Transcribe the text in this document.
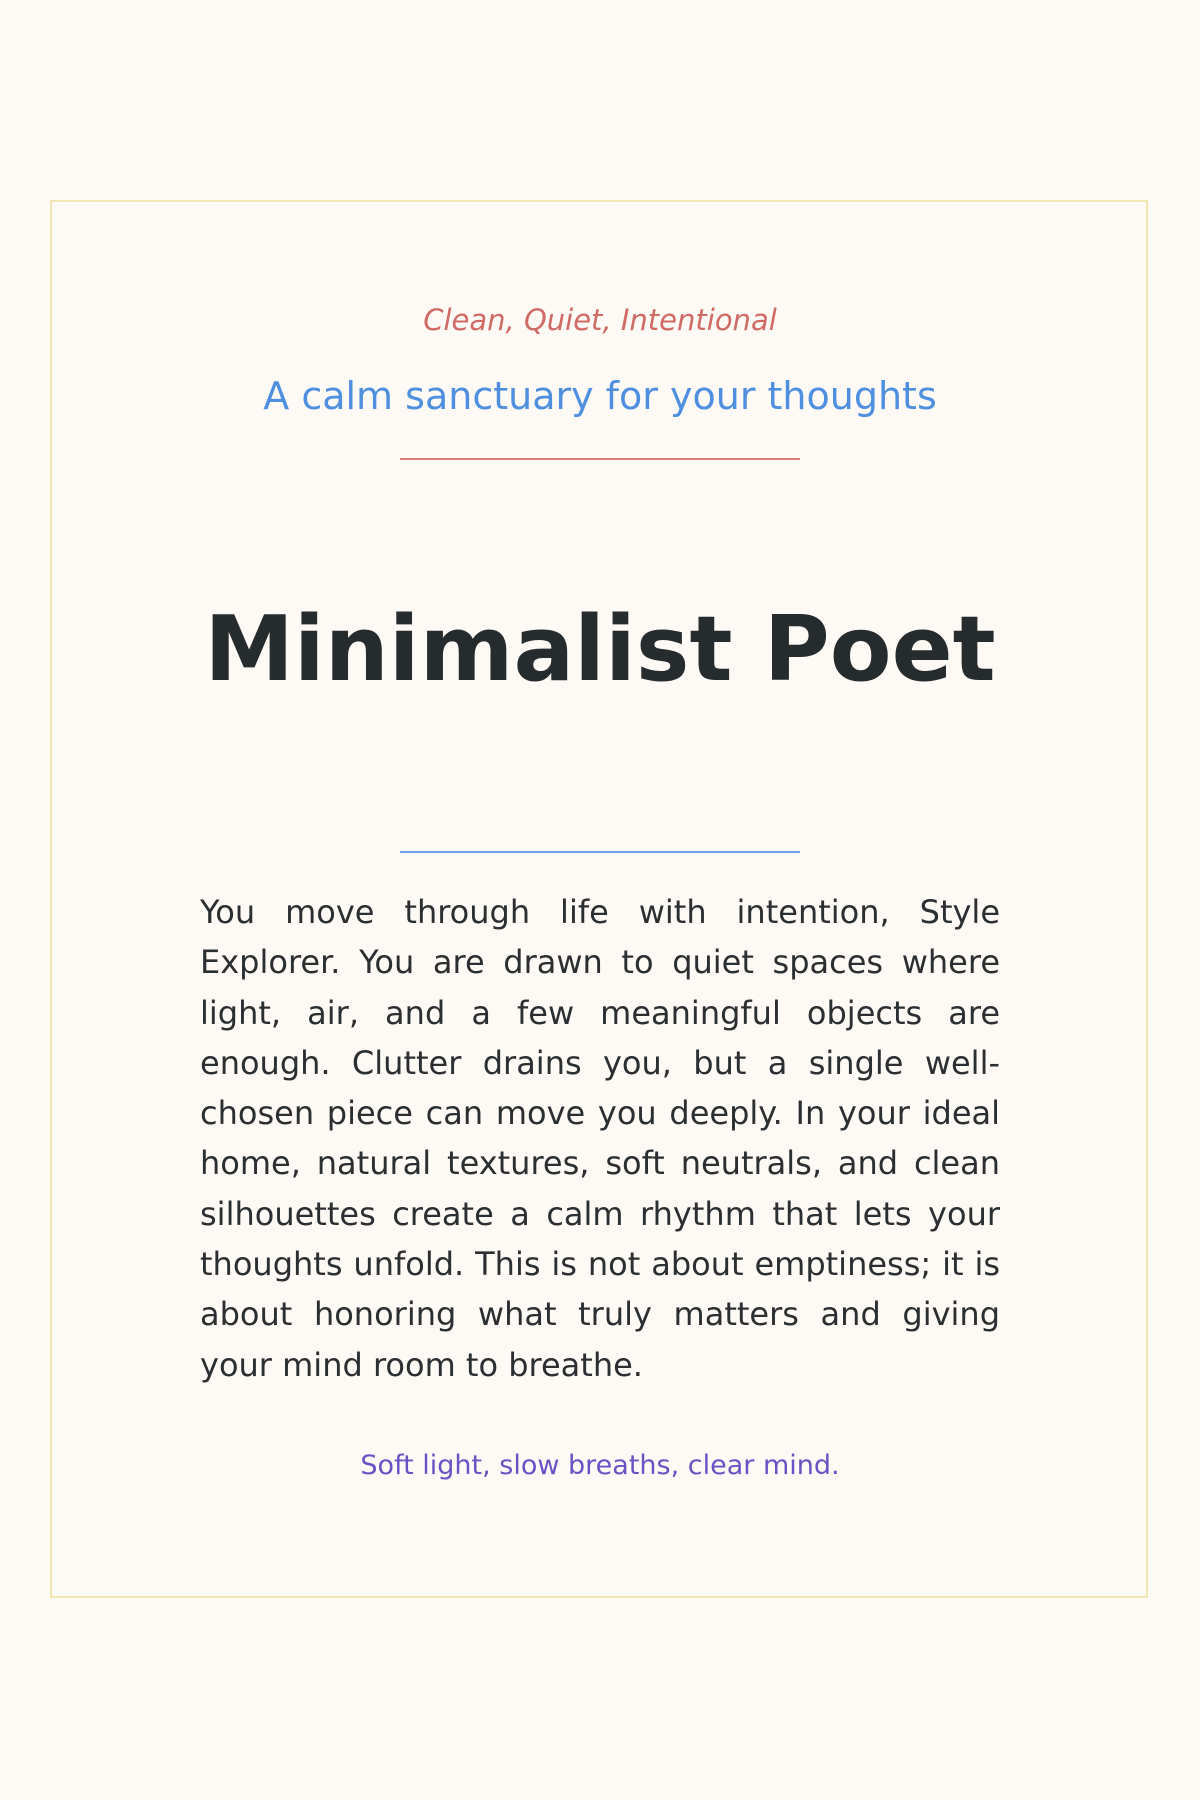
Clean, Quiet, Intentional
A calm sanctuary for your thoughts
Minimalist Poet

You move through life with intention, Style Explorer. You are drawn to quiet spaces where light, air, and a few meaningful objects are enough. Clutter drains you, but a single well-chosen piece can move you deeply. In your ideal home, natural textures, soft neutrals, and clean silhouettes create a calm rhythm that lets your thoughts unfold. This is not about emptiness; it is about honoring what truly matters and giving your mind room to breathe.

Soft light, slow breaths, clear mind.
